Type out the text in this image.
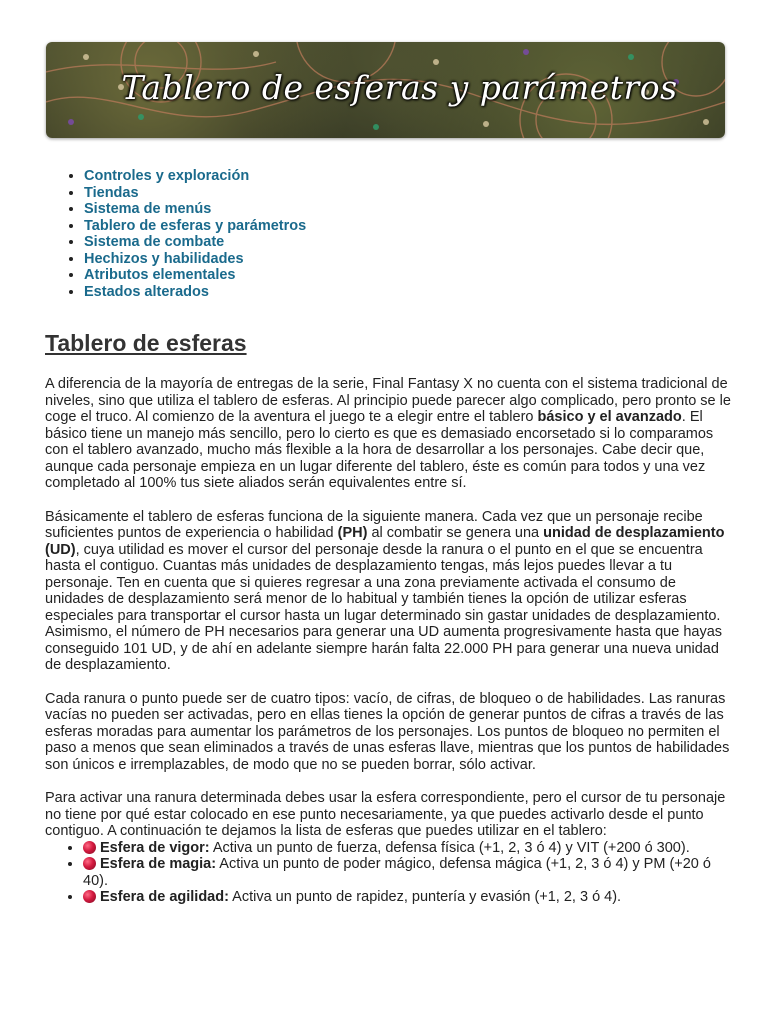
Tablero de esferas y parámetros
• Controles y exploración
• Tiendas
• Sistema de menús
• Tablero de esferas y parámetros
• Sistema de combate
• Hechizos y habilidades
• Atributos elementales
• Estados alterados
Tablero de esferas

A diferencia de la mayoría de entregas de la serie, Final Fantasy X no cuenta con el sistema tradicional de niveles, sino que utiliza el tablero de esferas. Al principio puede parecer algo complicado, pero pronto se le coge el truco. Al comienzo de la aventura el juego te a elegir entre el tablero básico y el avanzado. El básico tiene un manejo más sencillo, pero lo cierto es que es demasiado encorsetado si lo comparamos con el tablero avanzado, mucho más flexible a la hora de desarrollar a los personajes. Cabe decir que, aunque cada personaje empieza en un lugar diferente del tablero, éste es común para todos y una vez completado al 100% tus siete aliados serán equivalentes entre sí.

Básicamente el tablero de esferas funciona de la siguiente manera. Cada vez que un personaje recibe suficientes puntos de experiencia o habilidad (PH) al combatir se genera una unidad de desplazamiento (UD), cuya utilidad es mover el cursor del personaje desde la ranura o el punto en el que se encuentra hasta el contiguo. Cuantas más unidades de desplazamiento tengas, más lejos puedes llevar a tu personaje. Ten en cuenta que si quieres regresar a una zona previamente activada el consumo de unidades de desplazamiento será menor de lo habitual y también tienes la opción de utilizar esferas especiales para transportar el cursor hasta un lugar determinado sin gastar unidades de desplazamiento. Asimismo, el número de PH necesarios para generar una UD aumenta progresivamente hasta que hayas conseguido 101 UD, y de ahí en adelante siempre harán falta 22.000 PH para generar una nueva unidad de desplazamiento.

Cada ranura o punto puede ser de cuatro tipos: vacío, de cifras, de bloqueo o de habilidades. Las ranuras vacías no pueden ser activadas, pero en ellas tienes la opción de generar puntos de cifras a través de las esferas moradas para aumentar los parámetros de los personajes. Los puntos de bloqueo no permiten el paso a menos que sean eliminados a través de unas esferas llave, mientras que los puntos de habilidades son únicos e irremplazables, de modo que no se pueden borrar, sólo activar.

Para activar una ranura determinada debes usar la esfera correspondiente, pero el cursor de tu personaje no tiene por qué estar colocado en ese punto necesariamente, ya que puedes activarlo desde el punto contiguo. A continuación te dejamos la lista de esferas que puedes utilizar en el tablero:

• Esfera de vigor: Activa un punto de fuerza, defensa física (+1, 2, 3 ó 4) y VIT (+200 ó 300).
• Esfera de magia: Activa un punto de poder mágico, defensa mágica (+1, 2, 3 ó 4) y PM (+20 ó 40).
• Esfera de agilidad: Activa un punto de rapidez, puntería y evasión (+1, 2, 3 ó 4).
